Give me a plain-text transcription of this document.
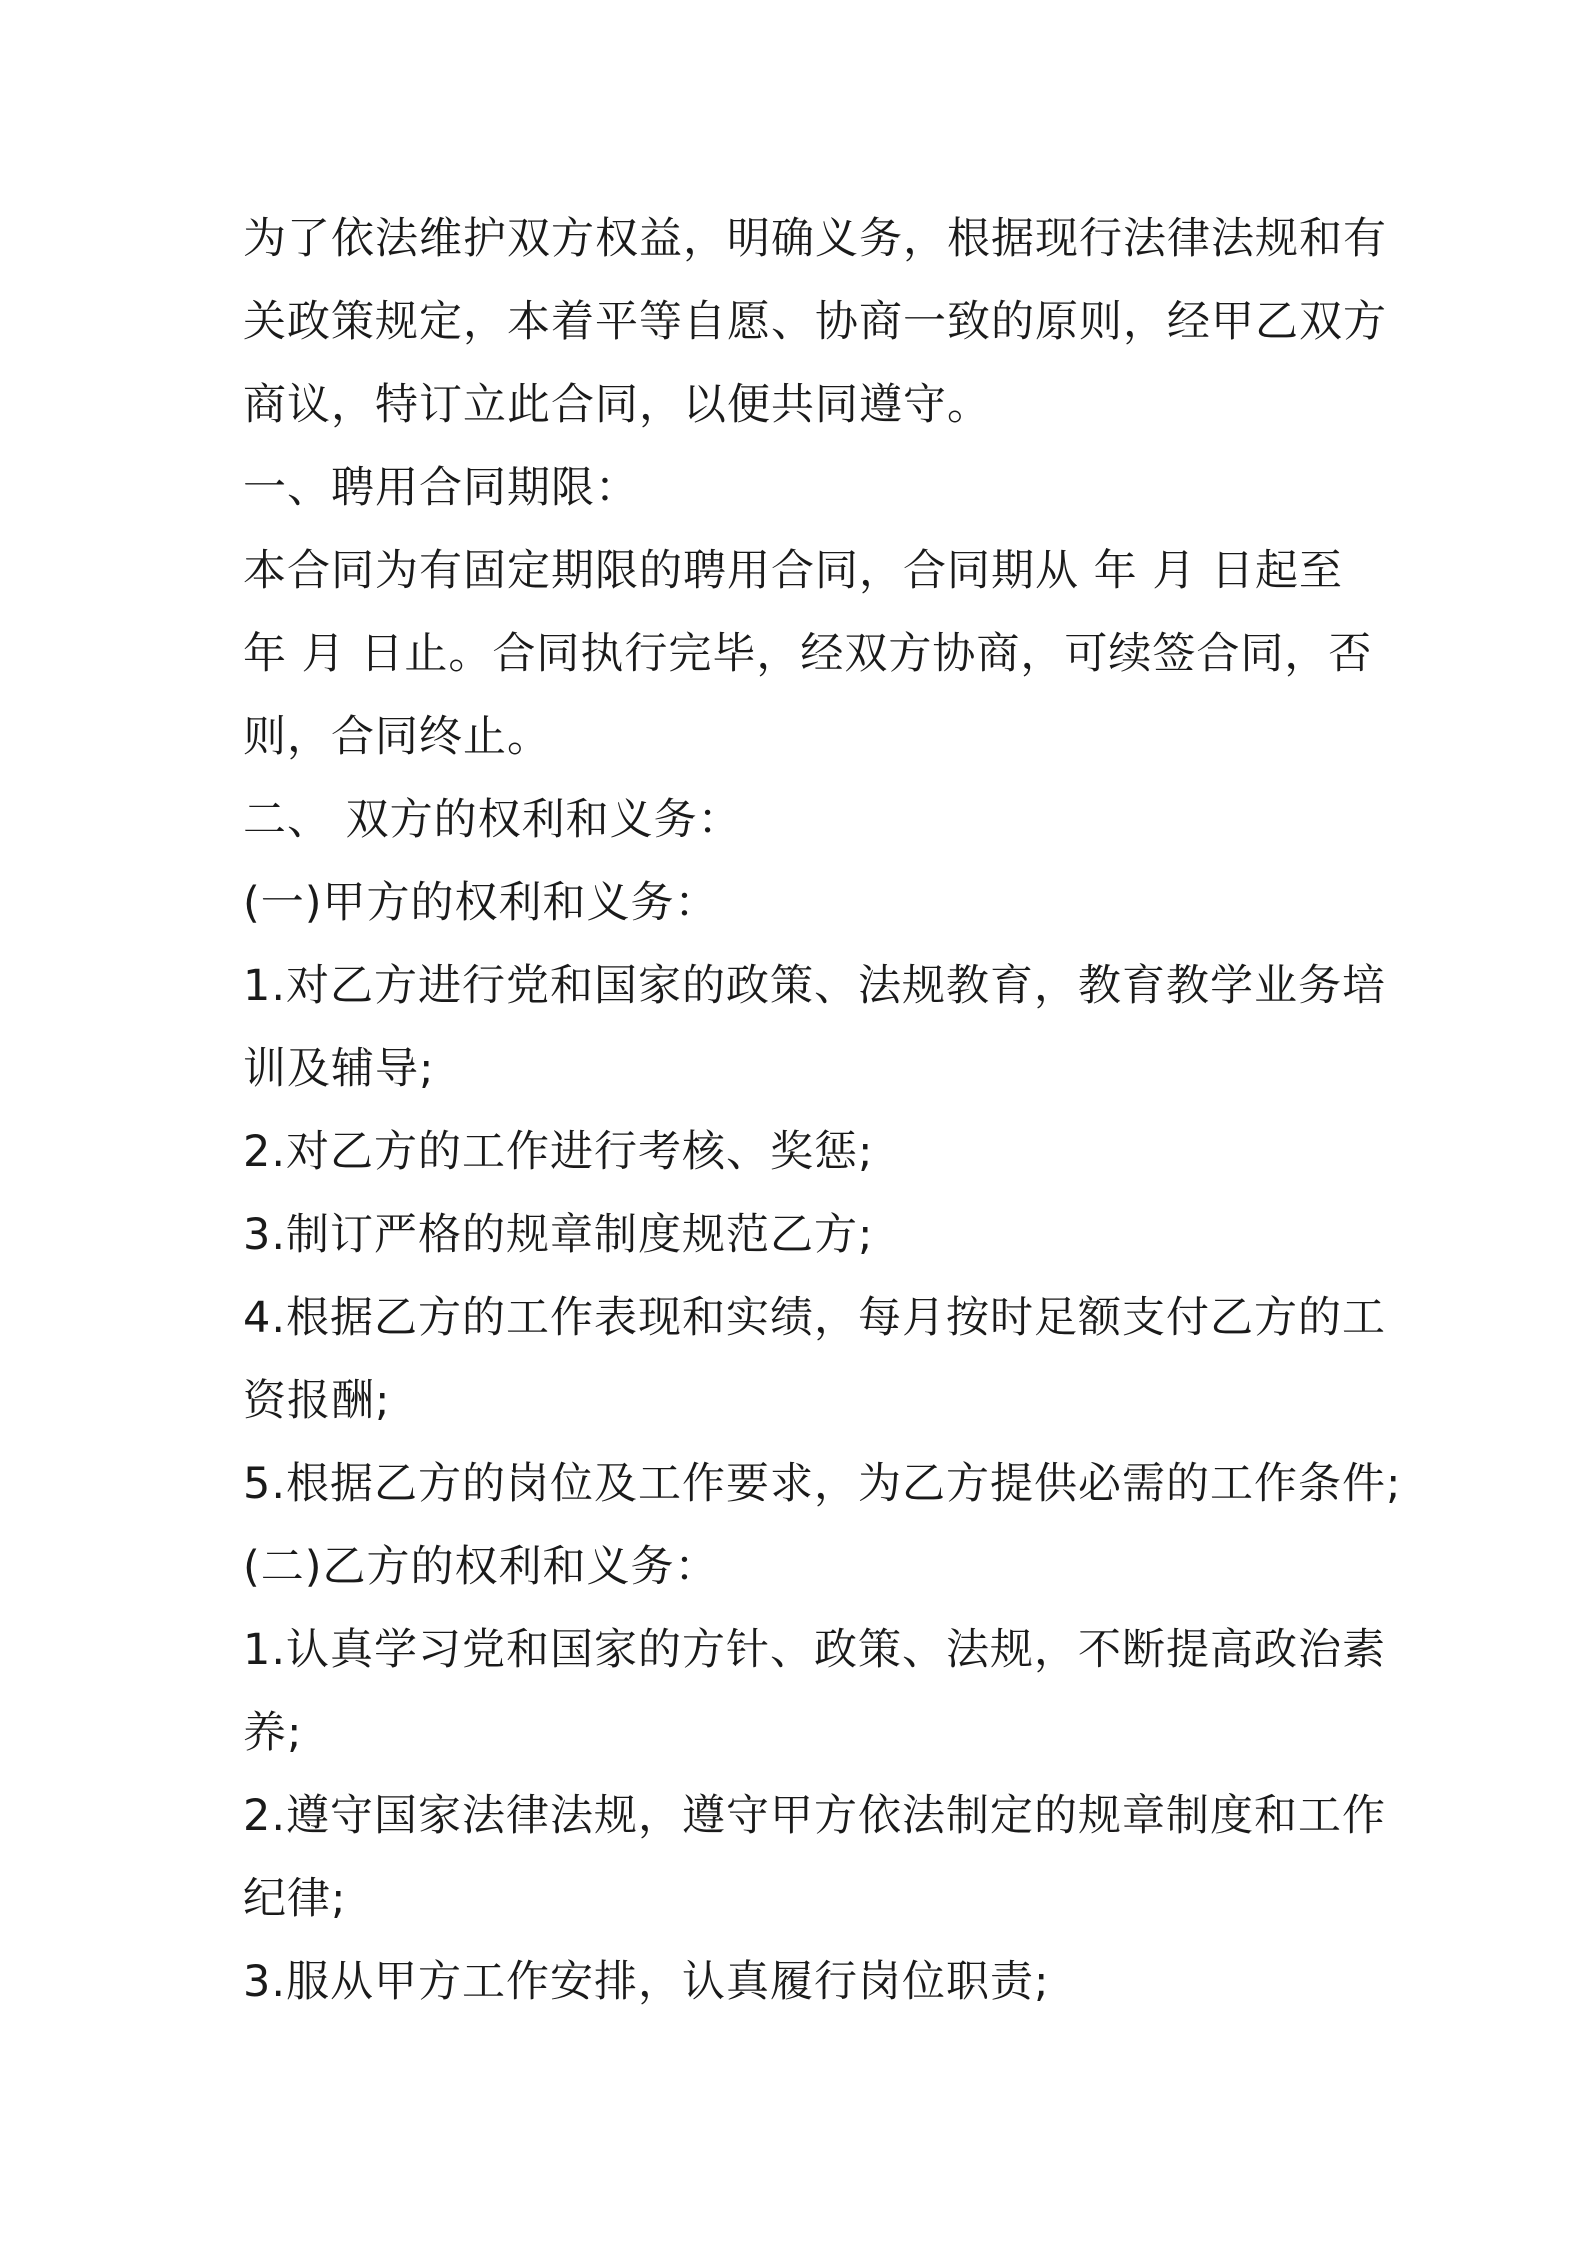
为了依法维护双方权益，明确义务，根据现行法律法规和有

关政策规定，本着平等自愿、协商一致的原则，经甲乙双方

商议，特订立此合同，以便共同遵守。

一、聘用合同期限：

本合同为有固定期限的聘用合同，合同期从 年 月 日起至

年 月 日止。合同执行完毕，经双方协商，可续签合同，否

则，合同终止。

二、 双方的权利和义务：

(一)甲方的权利和义务：

1.对乙方进行党和国家的政策、法规教育，教育教学业务培

训及辅导;

2.对乙方的工作进行考核、奖惩;

3.制订严格的规章制度规范乙方;

4.根据乙方的工作表现和实绩，每月按时足额支付乙方的工

资报酬;

5.根据乙方的岗位及工作要求，为乙方提供必需的工作条件;

(二)乙方的权利和义务：

1.认真学习党和国家的方针、政策、法规，不断提高政治素

养;

2.遵守国家法律法规，遵守甲方依法制定的规章制度和工作

纪律;

3.服从甲方工作安排，认真履行岗位职责;
